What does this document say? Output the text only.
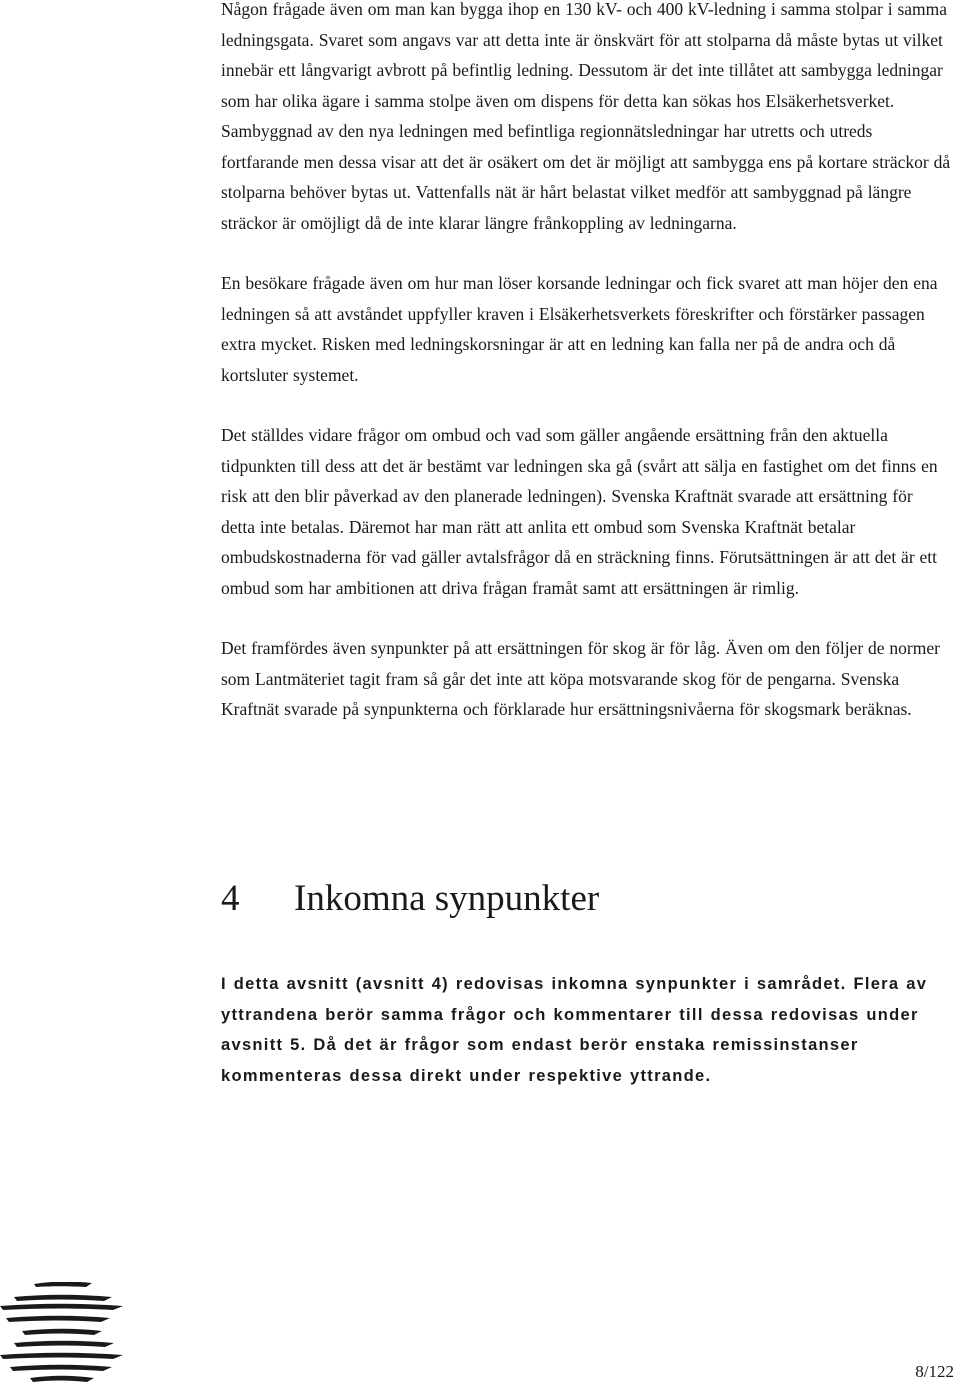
Någon frågade även om man kan bygga ihop en 130 kV- och 400 kV-ledning i samma stolpar i samma ledningsgata. Svaret som angavs var att detta inte är önskvärt för att stolparna då måste bytas ut vilket innebär ett långvarigt avbrott på befintlig ledning. Dessutom är det inte tillåtet att sambygga ledningar som har olika ägare i samma stolpe även om dispens för detta kan sökas hos Elsäkerhetsverket. Sambyggnad av den nya ledningen med befintliga regionnätsledningar har utretts och utreds fortfarande men dessa visar att det är osäkert om det är möjligt att sambygga ens på kortare sträckor då stolparna behöver bytas ut. Vattenfalls nät är hårt belastat vilket medför att sambyggnad på längre sträckor är omöjligt då de inte klarar längre frånkoppling av ledningarna.

En besökare frågade även om hur man löser korsande ledningar och fick svaret att man höjer den ena ledningen så att avståndet uppfyller kraven i Elsäkerhetsverkets föreskrifter och förstärker passagen extra mycket. Risken med ledningskorsningar är att en ledning kan falla ner på de andra och då kortsluter systemet.

Det ställdes vidare frågor om ombud och vad som gäller angående ersättning från den aktuella tidpunkten till dess att det är bestämt var ledningen ska gå (svårt att sälja en fastighet om det finns en risk att den blir påverkad av den planerade ledningen). Svenska Kraftnät svarade att ersättning för detta inte betalas. Däremot har man rätt att anlita ett ombud som Svenska Kraftnät betalar ombudskostnaderna för vad gäller avtalsfrågor då en sträckning finns. Förutsättningen är att det är ett ombud som har ambitionen att driva frågan framåt samt att ersättningen är rimlig.

Det framfördes även synpunkter på att ersättningen för skog är för låg. Även om den följer de normer som Lantmäteriet tagit fram så går det inte att köpa motsvarande skog för de pengarna. Svenska Kraftnät svarade på synpunkterna och förklarade hur ersättningsnivåerna för skogsmark beräknas.

4 Inkomna synpunkter

I detta avsnitt (avsnitt 4) redovisas inkomna synpunkter i samrådet. Flera av yttrandena berör samma frågor och kommentarer till dessa redovisas under avsnitt 5. Då det är frågor som endast berör enstaka remissinstanser kommenteras dessa direkt under respektive yttrande.

8/122
